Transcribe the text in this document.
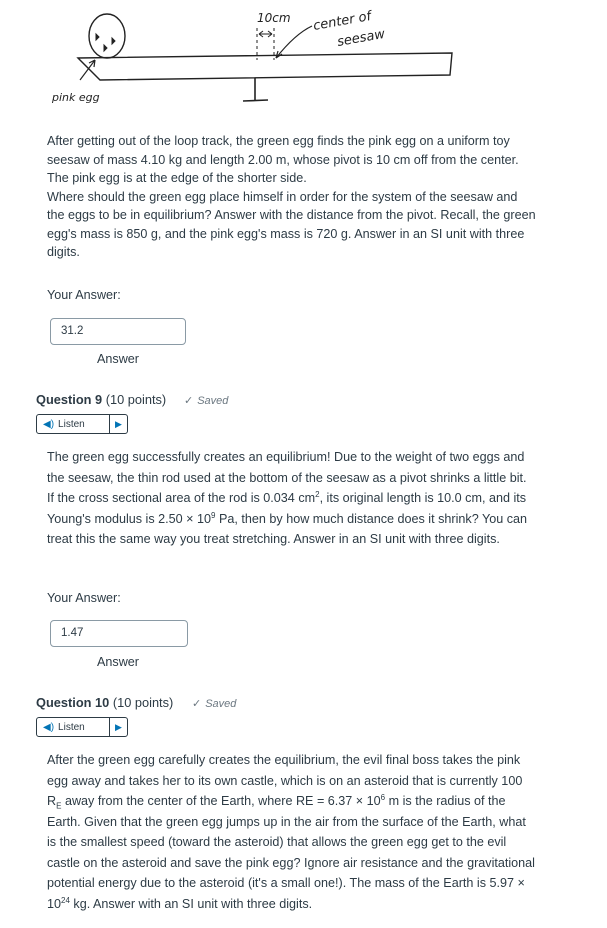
10cm center of
seesaw
pink egg

After getting out of the loop track, the green egg finds the pink egg on a uniform toy seesaw of mass 4.10 kg and length 2.00 m, whose pivot is 10 cm off from the center. The pink egg is at the edge of the shorter side.

Where should the green egg place himself in order for the system of the seesaw and the eggs to be in equilibrium? Answer with the distance from the pivot. Recall, the green egg's mass is 850 g, and the pink egg's mass is 720 g. Answer in an SI unit with three digits.

Your Answer:
31.2
Answer
Question 9 (10 points) ✓ Saved
◀) Listen	▶
The green egg successfully creates an equilibrium! Due to the weight of two eggs and the seesaw, the thin rod used at the bottom of the seesaw as a pivot shrinks a little bit. If the cross sectional area of the rod is 0.034 $cm^2$, its original length is 10.0 cm, and its Young's modulus is $2.50 \times 10^9$ Pa, then by how much distance does it shrink? You can treat this the same way you treat stretching. Answer in an SI unit with three digits.
Your Answer:
1.47
Answer
Question 10 (10 points) ✓ Saved
◀) Listen	▶
After the green egg carefully creates the equilibrium, the evil final boss takes the pink egg away and takes her to its own castle, which is on an asteroid that is currently 100 $R_E$ away from the center of the Earth, where RE = $6.37 \times 10^6$ m is the radius of the Earth. Given that the green egg jumps up in the air from the surface of the Earth, what is the smallest speed (toward the asteroid) that allows the green egg get to the evil castle on the asteroid and save the pink egg? Ignore air resistance and the gravitational potential energy due to the asteroid (it's a small one!). The mass of the Earth is $5.97 \times 10^{24}$ kg. Answer with an SI unit with three digits.
